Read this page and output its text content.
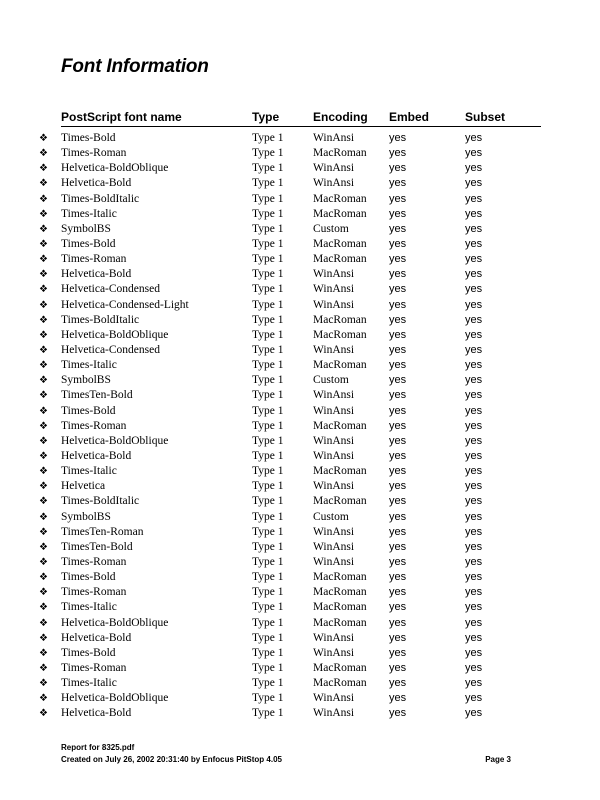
Font Information
PostScript font name	Type	Encoding Embed	Subset
❖ Times-Bold	Type 1	WinAnsi	yes	yes
❖ Times-Roman	Type 1	MacRoman yes	yes
❖ Helvetica-BoldOblique	Type 1	WinAnsi	yes	yes
❖ Helvetica-Bold	Type 1	WinAnsi	yes	yes
❖ Times-BoldItalic	Type 1	MacRoman yes	yes
❖ Times-Italic	Type 1	MacRoman yes	yes
❖ SymbolBS	Type 1	Custom	yes	yes
❖ Times-Bold	Type 1	MacRoman yes	yes
❖ Times-Roman	Type 1	MacRoman yes	yes
❖ Helvetica-Bold	Type 1	WinAnsi	yes	yes
❖ Helvetica-Condensed	Type 1	WinAnsi	yes	yes
❖ Helvetica-Condensed-Light	Type 1	WinAnsi	yes	yes
❖ Times-BoldItalic	Type 1	MacRoman yes	yes
❖ Helvetica-BoldOblique	Type 1	MacRoman yes	yes
❖ Helvetica-Condensed	Type 1	WinAnsi	yes	yes
❖ Times-Italic	Type 1	MacRoman yes	yes
❖ SymbolBS	Type 1	Custom	yes	yes
❖ TimesTen-Bold	Type 1	WinAnsi	yes	yes
❖ Times-Bold	Type 1	WinAnsi	yes	yes
❖ Times-Roman	Type 1	MacRoman yes	yes
❖ Helvetica-BoldOblique	Type 1	WinAnsi	yes	yes
❖ Helvetica-Bold	Type 1	WinAnsi	yes	yes
❖ Times-Italic	Type 1	MacRoman yes	yes
❖ Helvetica	Type 1	WinAnsi	yes	yes
❖ Times-BoldItalic	Type 1	MacRoman yes	yes
❖ SymbolBS	Type 1	Custom	yes	yes
❖ TimesTen-Roman	Type 1	WinAnsi	yes	yes
❖ TimesTen-Bold	Type 1	WinAnsi	yes	yes
❖ Times-Roman	Type 1	WinAnsi	yes	yes
❖ Times-Bold	Type 1	MacRoman yes	yes
❖ Times-Roman	Type 1	MacRoman yes	yes
❖ Times-Italic	Type 1	MacRoman yes	yes
❖ Helvetica-BoldOblique	Type 1	MacRoman yes	yes
❖ Helvetica-Bold	Type 1	WinAnsi	yes	yes
❖ Times-Bold	Type 1	WinAnsi	yes	yes
❖ Times-Roman	Type 1	MacRoman yes	yes
❖ Times-Italic	Type 1	MacRoman yes	yes
❖ Helvetica-BoldOblique	Type 1	WinAnsi	yes	yes
❖ Helvetica-Bold	Type 1	WinAnsi	yes	yes
Report for 8325.pdf
Created on July 26, 2002 20:31:40 by Enfocus PitStop 4.05	Page 3
